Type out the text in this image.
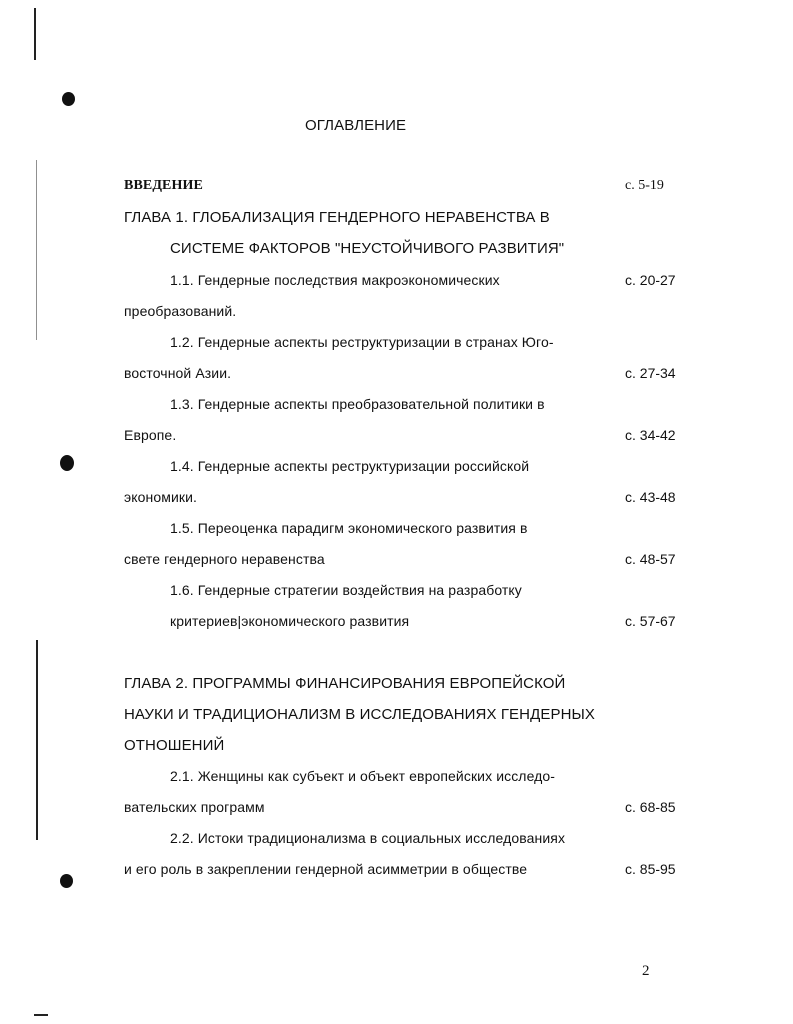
ОГЛАВЛЕНИЕ
ВВЕДЕНИЕ	с. 5-19
ГЛАВА 1. ГЛОБАЛИЗАЦИЯ ГЕНДЕРНОГО НЕРАВЕНСТВА В
СИСТЕМЕ ФАКТОРОВ "НЕУСТОЙЧИВОГО РАЗВИТИЯ"
1.1. Гендерные последствия макроэкономических	с. 20-27
преобразований.
1.2. Гендерные аспекты реструктуризации в странах Юго-
восточной Азии.	с. 27-34
1.3. Гендерные аспекты преобразовательной политики в
Европе.	с. 34-42
1.4. Гендерные аспекты реструктуризации российской
экономики.	с. 43-48
1.5. Переоценка парадигм экономического развития в
свете гендерного неравенства	с. 48-57
1.6. Гендерные стратегии воздействия на разработку
критериев|экономического развития	с. 57-67
ГЛАВА 2. ПРОГРАММЫ ФИНАНСИРОВАНИЯ ЕВРОПЕЙСКОЙ
НАУКИ И ТРАДИЦИОНАЛИЗМ В ИССЛЕДОВАНИЯХ ГЕНДЕРНЫХ
ОТНОШЕНИЙ
2.1. Женщины как субъект и объект европейских исследо-
вательских программ	с. 68-85
2.2. Истоки традиционализма в социальных исследованиях
и его роль в закреплении гендерной асимметрии в обществе	с. 85-95
2
